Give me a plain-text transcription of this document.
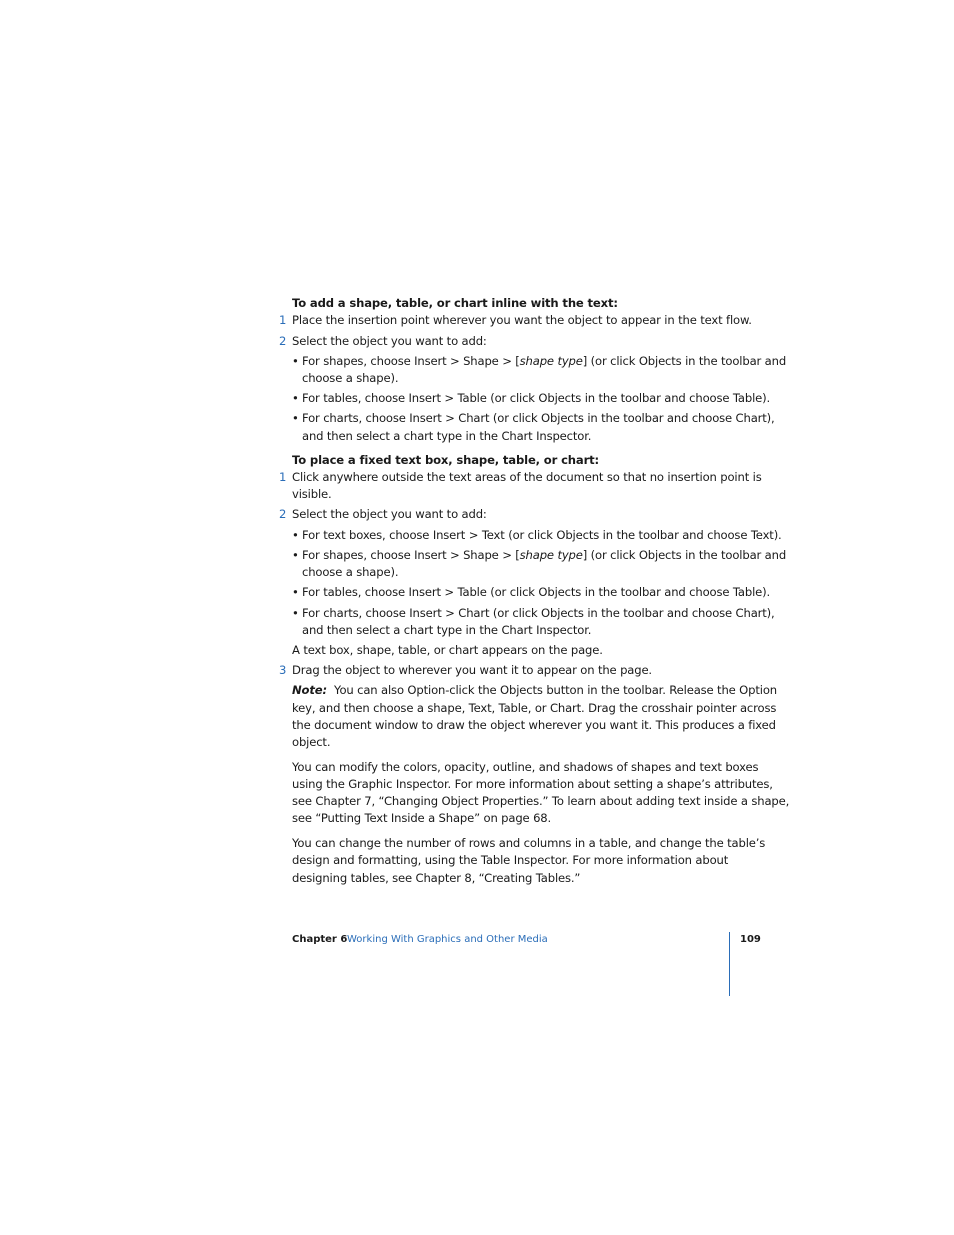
To add a shape, table, or chart inline with the text:
1 Place the insertion point wherever you want the object to appear in the text flow.
2 Select the object you want to add:
• For shapes, choose Insert > Shape > [shape type] (or click Objects in the toolbar and
choose a shape).
• For tables, choose Insert > Table (or click Objects in the toolbar and choose Table).
• For charts, choose Insert > Chart (or click Objects in the toolbar and choose Chart),
and then select a chart type in the Chart Inspector.
To place a fixed text box, shape, table, or chart:
1 Click anywhere outside the text areas of the document so that no insertion point is
visible.
2 Select the object you want to add:
• For text boxes, choose Insert > Text (or click Objects in the toolbar and choose Text).
• For shapes, choose Insert > Shape > [shape type] (or click Objects in the toolbar and
choose a shape).
• For tables, choose Insert > Table (or click Objects in the toolbar and choose Table).
• For charts, choose Insert > Chart (or click Objects in the toolbar and choose Chart),
and then select a chart type in the Chart Inspector.
A text box, shape, table, or chart appears on the page.
3 Drag the object to wherever you want it to appear on the page.
Note: You can also Option-click the Objects button in the toolbar. Release the Option
key, and then choose a shape, Text, Table, or Chart. Drag the crosshair pointer across
the document window to draw the object wherever you want it. This produces a fixed
object.
You can modify the colors, opacity, outline, and shadows of shapes and text boxes
using the Graphic Inspector. For more information about setting a shape’s attributes,
see Chapter 7, “Changing Object Properties.” To learn about adding text inside a shape,
see “Putting Text Inside a Shape” on page 68.
You can change the number of rows and columns in a table, and change the table’s
design and formatting, using the Table Inspector. For more information about
designing tables, see Chapter 8, “Creating Tables.”
Chapter 6 Working With Graphics and Other Media	109
